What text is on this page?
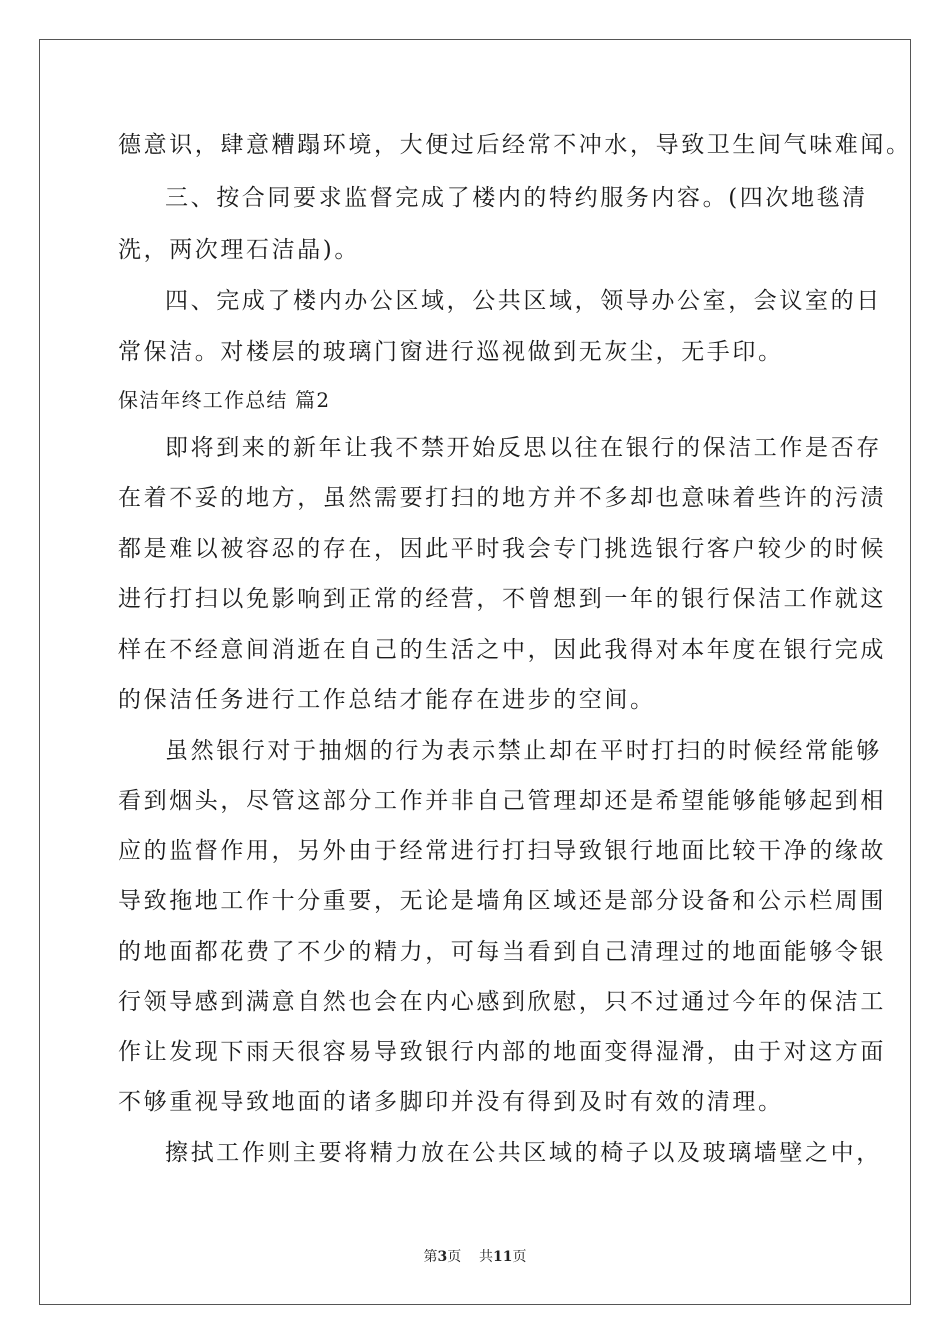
德意识，肆意糟蹋环境，大便过后经常不冲水，导致卫生间气味难闻。
三、按合同要求监督完成了楼内的特约服务内容。(四次地毯清
洗，两次理石洁晶)。
四、完成了楼内办公区域，公共区域，领导办公室，会议室的日
常保洁。对楼层的玻璃门窗进行巡视做到无灰尘，无手印。
保洁年终工作总结 篇2
即将到来的新年让我不禁开始反思以往在银行的保洁工作是否存
在着不妥的地方，虽然需要打扫的地方并不多却也意味着些许的污渍
都是难以被容忍的存在，因此平时我会专门挑选银行客户较少的时候
进行打扫以免影响到正常的经营，不曾想到一年的银行保洁工作就这
样在不经意间消逝在自己的生活之中，因此我得对本年度在银行完成
的保洁任务进行工作总结才能存在进步的空间。
虽然银行对于抽烟的行为表示禁止却在平时打扫的时候经常能够
看到烟头，尽管这部分工作并非自己管理却还是希望能够能够起到相
应的监督作用，另外由于经常进行打扫导致银行地面比较干净的缘故
导致拖地工作十分重要，无论是墙角区域还是部分设备和公示栏周围
的地面都花费了不少的精力，可每当看到自己清理过的地面能够令银
行领导感到满意自然也会在内心感到欣慰，只不过通过今年的保洁工
作让发现下雨天很容易导致银行内部的地面变得湿滑，由于对这方面
不够重视导致地面的诸多脚印并没有得到及时有效的清理。
擦拭工作则主要将精力放在公共区域的椅子以及玻璃墙壁之中，
第3页 共11页
